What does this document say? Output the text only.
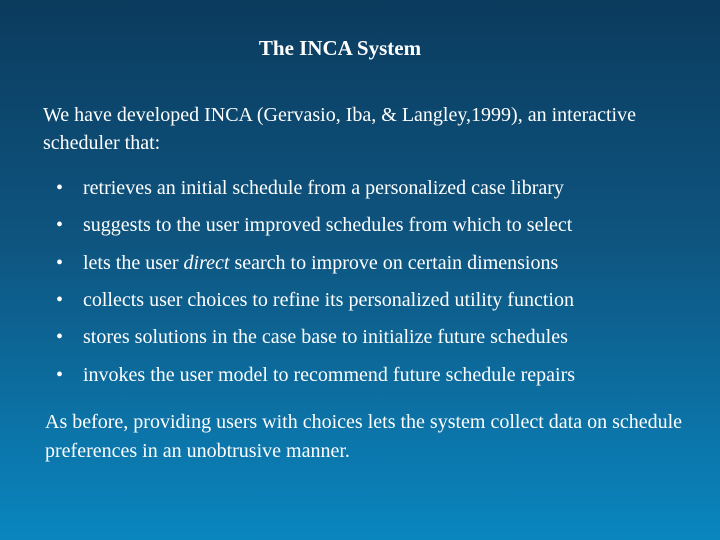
The INCA System
We have developed INCA (Gervasio, Iba, & Langley,1999), an interactive scheduler that:
• retrieves an initial schedule from a personalized case library
• suggests to the user improved schedules from which to select
• lets the user direct search to improve on certain dimensions
• collects user choices to refine its personalized utility function
• stores solutions in the case base to initialize future schedules
• invokes the user model to recommend future schedule repairs
As before, providing users with choices lets the system collect data on schedule preferences in an unobtrusive manner.
